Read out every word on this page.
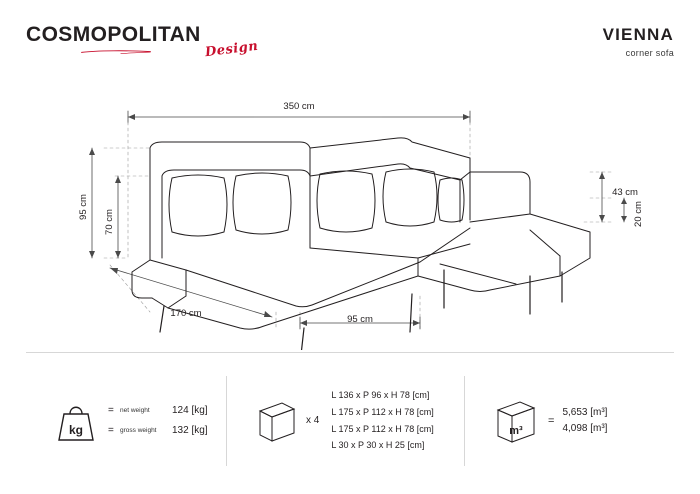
COSMOPOLITAN
Design
VIENNA
corner sofa
350 cm
95 cm
70 cm
170 cm
95 cm
43 cm
20 cm
kg
= net weight	124 [kg]
= gross weight	132 [kg]
x 4
L 136 x P 96 x H 78 [cm]
L 175 x P 112 x H 78 [cm]
L 175 x P 112 x H 78 [cm]
L 30 x P 30 x H 25 [cm]
m³
=
5,653 [m³]
4,098 [m³]
